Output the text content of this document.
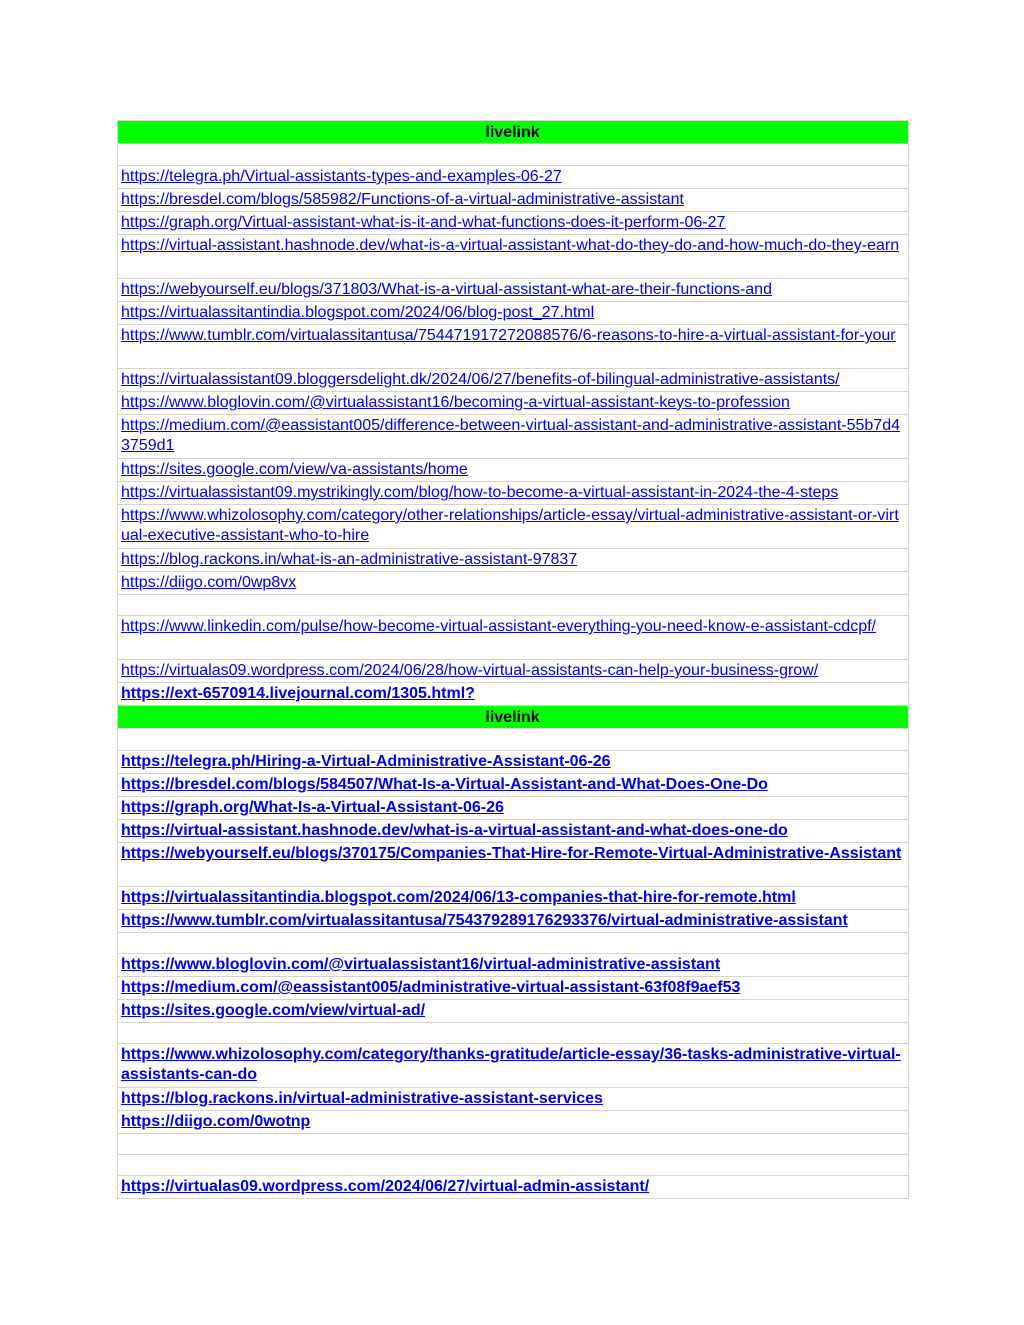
livelink
https://telegra.ph/Virtual-assistants-types-and-examples-06-27
https://bresdel.com/blogs/585982/Functions-of-a-virtual-administrative-assistant
https://graph.org/Virtual-assistant-what-is-it-and-what-functions-does-it-perform-06-27
https://virtual-assistant.hashnode.dev/what-is-a-virtual-assistant-what-do-they-do-and-how-much-do-they-earn
https://webyourself.eu/blogs/371803/What-is-a-virtual-assistant-what-are-their-functions-and
https://virtualassitantindia.blogspot.com/2024/06/blog-post_27.html
https://www.tumblr.com/virtualassitantusa/754471917272088576/6-reasons-to-hire-a-virtual-assistant-for-your
https://virtualassistant09.bloggersdelight.dk/2024/06/27/benefits-of-bilingual-administrative-assistants/
https://www.bloglovin.com/@virtualassistant16/becoming-a-virtual-assistant-keys-to-profession
https://medium.com/@eassistant005/difference-between-virtual-assistant-and-administrative-assistant-55b7d43759d1
https://sites.google.com/view/va-assistants/home
https://virtualassistant09.mystrikingly.com/blog/how-to-become-a-virtual-assistant-in-2024-the-4-steps
https://www.whizolosophy.com/category/other-relationships/article-essay/virtual-administrative-assistant-or-virtual-executive-assistant-who-to-hire
https://blog.rackons.in/what-is-an-administrative-assistant-97837
https://diigo.com/0wp8vx
https://www.linkedin.com/pulse/how-become-virtual-assistant-everything-you-need-know-e-assistant-cdcpf/
https://virtualas09.wordpress.com/2024/06/28/how-virtual-assistants-can-help-your-business-grow/
https://ext-6570914.livejournal.com/1305.html?
livelink
https://telegra.ph/Hiring-a-Virtual-Administrative-Assistant-06-26
https://bresdel.com/blogs/584507/What-Is-a-Virtual-Assistant-and-What-Does-One-Do
https://graph.org/What-Is-a-Virtual-Assistant-06-26
https://virtual-assistant.hashnode.dev/what-is-a-virtual-assistant-and-what-does-one-do
https://webyourself.eu/blogs/370175/Companies-That-Hire-for-Remote-Virtual-Administrative-Assistant
https://virtualassitantindia.blogspot.com/2024/06/13-companies-that-hire-for-remote.html
https://www.tumblr.com/virtualassitantusa/754379289176293376/virtual-administrative-assistant
https://www.bloglovin.com/@virtualassistant16/virtual-administrative-assistant
https://medium.com/@eassistant005/administrative-virtual-assistant-63f08f9aef53
https://sites.google.com/view/virtual-ad/
https://www.whizolosophy.com/category/thanks-gratitude/article-essay/36-tasks-administrative-virtual-assistants-can-do
https://blog.rackons.in/virtual-administrative-assistant-services
https://diigo.com/0wotnp
https://virtualas09.wordpress.com/2024/06/27/virtual-admin-assistant/
